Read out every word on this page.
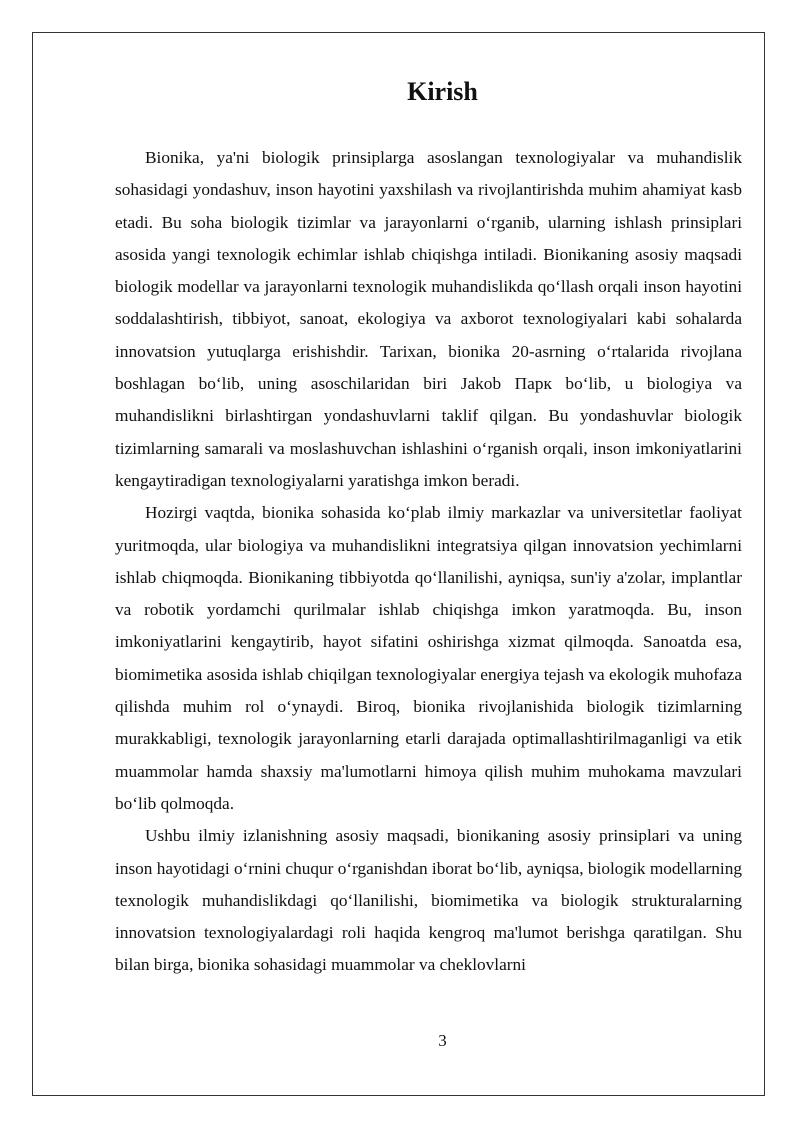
Kirish

Bionika, ya'ni biologik prinsiplarga asoslangan texnologiyalar va muhandislik sohasidagi yondashuv, inson hayotini yaxshilash va rivojlantirishda muhim ahamiyat kasb etadi. Bu soha biologik tizimlar va jarayonlarni oʻrganib, ularning ishlash prinsiplari asosida yangi texnologik echimlar ishlab chiqishga intiladi. Bionikaning asosiy maqsadi biologik modellar va jarayonlarni texnologik muhandislikda qoʻllash orqali inson hayotini soddalashtirish, tibbiyot, sanoat, ekologiya va axborot texnologiyalari kabi sohalarda innovatsion yutuqlarga erishishdir. Tarixan, bionika 20-asrning oʻrtalarida rivojlana boshlagan boʻlib, uning asoschilaridan biri Jakob Парк boʻlib, u biologiya va muhandislikni birlashtirgan yondashuvlarni taklif qilgan. Bu yondashuvlar biologik tizimlarning samarali va moslashuvchan ishlashini oʻrganish orqali, inson imkoniyatlarini kengaytiradigan texnologiyalarni yaratishga imkon beradi.

Hozirgi vaqtda, bionika sohasida koʻplab ilmiy markazlar va universitetlar faoliyat yuritmoqda, ular biologiya va muhandislikni integratsiya qilgan innovatsion yechimlarni ishlab chiqmoqda. Bionikaning tibbiyotda qoʻllanilishi, ayniqsa, sun'iy a'zolar, implantlar va robotik yordamchi qurilmalar ishlab chiqishga imkon yaratmoqda. Bu, inson imkoniyatlarini kengaytirib, hayot sifatini oshirishga xizmat qilmoqda. Sanoatda esa, biomimetika asosida ishlab chiqilgan texnologiyalar energiya tejash va ekologik muhofaza qilishda muhim rol oʻynaydi. Biroq, bionika rivojlanishida biologik tizimlarning murakkabligi, texnologik jarayonlarning etarli darajada optimallashtirilmaganligi va etik muammolar hamda shaxsiy ma'lumotlarni himoya qilish muhim muhokama mavzulari boʻlib qolmoqda.

Ushbu ilmiy izlanishning asosiy maqsadi, bionikaning asosiy prinsiplari va uning inson hayotidagi oʻrnini chuqur oʻrganishdan iborat boʻlib, ayniqsa, biologik modellarning texnologik muhandislikdagi qoʻllanilishi, biomimetika va biologik strukturalarning innovatsion texnologiyalardagi roli haqida kengroq ma'lumot berishga qaratilgan. Shu bilan birga, bionika sohasidagi muammolar va cheklovlarni

3
